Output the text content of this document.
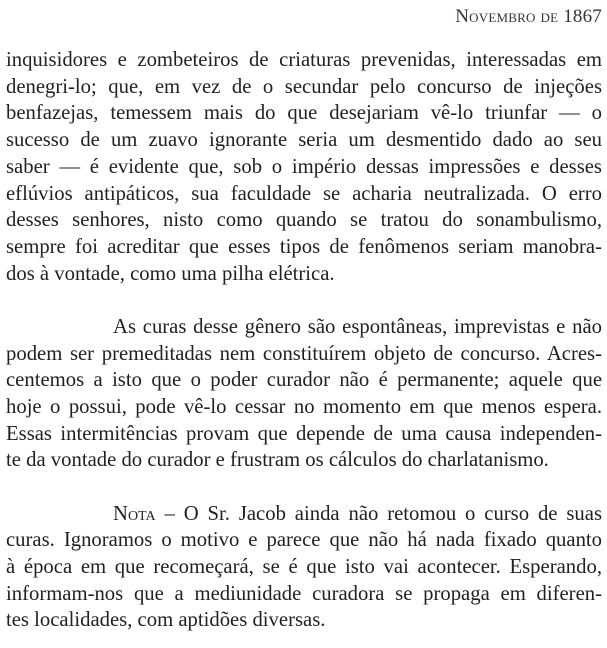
Novembro de 1867

inquisidores e zombeteiros de criaturas prevenidas, interessadas em
denegri-lo; que, em vez de o secundar pelo concurso de injeções
benfazejas, temessem mais do que desejariam vê-lo triunfar — o
sucesso de um zuavo ignorante seria um desmentido dado ao seu
saber — é evidente que, sob o império dessas impressões e desses
eflúvios antipáticos, sua faculdade se acharia neutralizada. O erro
desses senhores, nisto como quando se tratou do sonambulismo,
sempre foi acreditar que esses tipos de fenômenos seriam manobra-
dos à vontade, como uma pilha elétrica.

As curas desse gênero são espontâneas, imprevistas e não
podem ser premeditadas nem constituírem objeto de concurso. Acres-
centemos a isto que o poder curador não é permanente; aquele que
hoje o possui, pode vê-lo cessar no momento em que menos espera.
Essas intermitências provam que depende de uma causa independen-
te da vontade do curador e frustram os cálculos do charlatanismo.

Nota – O Sr. Jacob ainda não retomou o curso de suas
curas. Ignoramos o motivo e parece que não há nada fixado quanto
à época em que recomeçará, se é que isto vai acontecer. Esperando,
informam-nos que a mediunidade curadora se propaga em diferen-
tes localidades, com aptidões diversas.
